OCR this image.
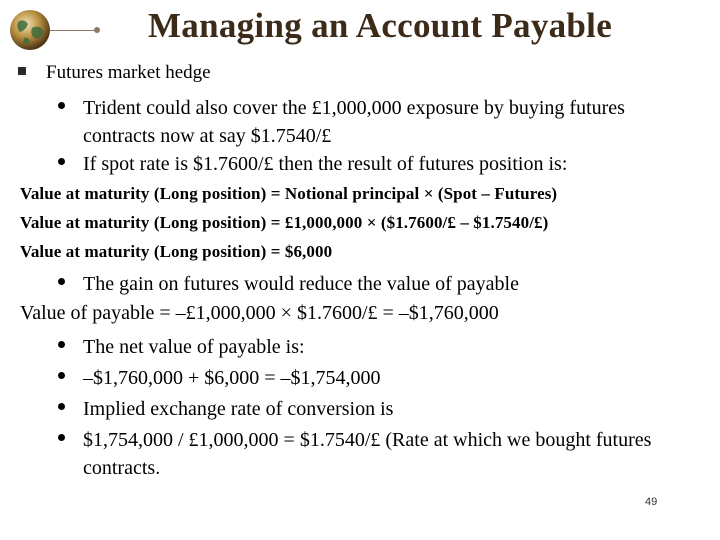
Managing an Account Payable
Futures market hedge
Trident could also cover the £1,000,000 exposure by buying futures contracts now at say $1.7540/£
If spot rate is $1.7600/£ then the result of futures position is:
Value at maturity (Long position) = Notional principal × (Spot – Futures)
Value at maturity (Long position) = £1,000,000 × ($1.7600/£ – $1.7540/£)
Value at maturity (Long position) = $6,000
The gain on futures would reduce the value of payable
Value of payable = –£1,000,000 × $1.7600/£ = –$1,760,000
The net value of payable is:
–$1,760,000 + $6,000 = –$1,754,000
Implied exchange rate of conversion is
$1,754,000 / £1,000,000 = $1.7540/£ (Rate at which we bought futures contracts.
49
